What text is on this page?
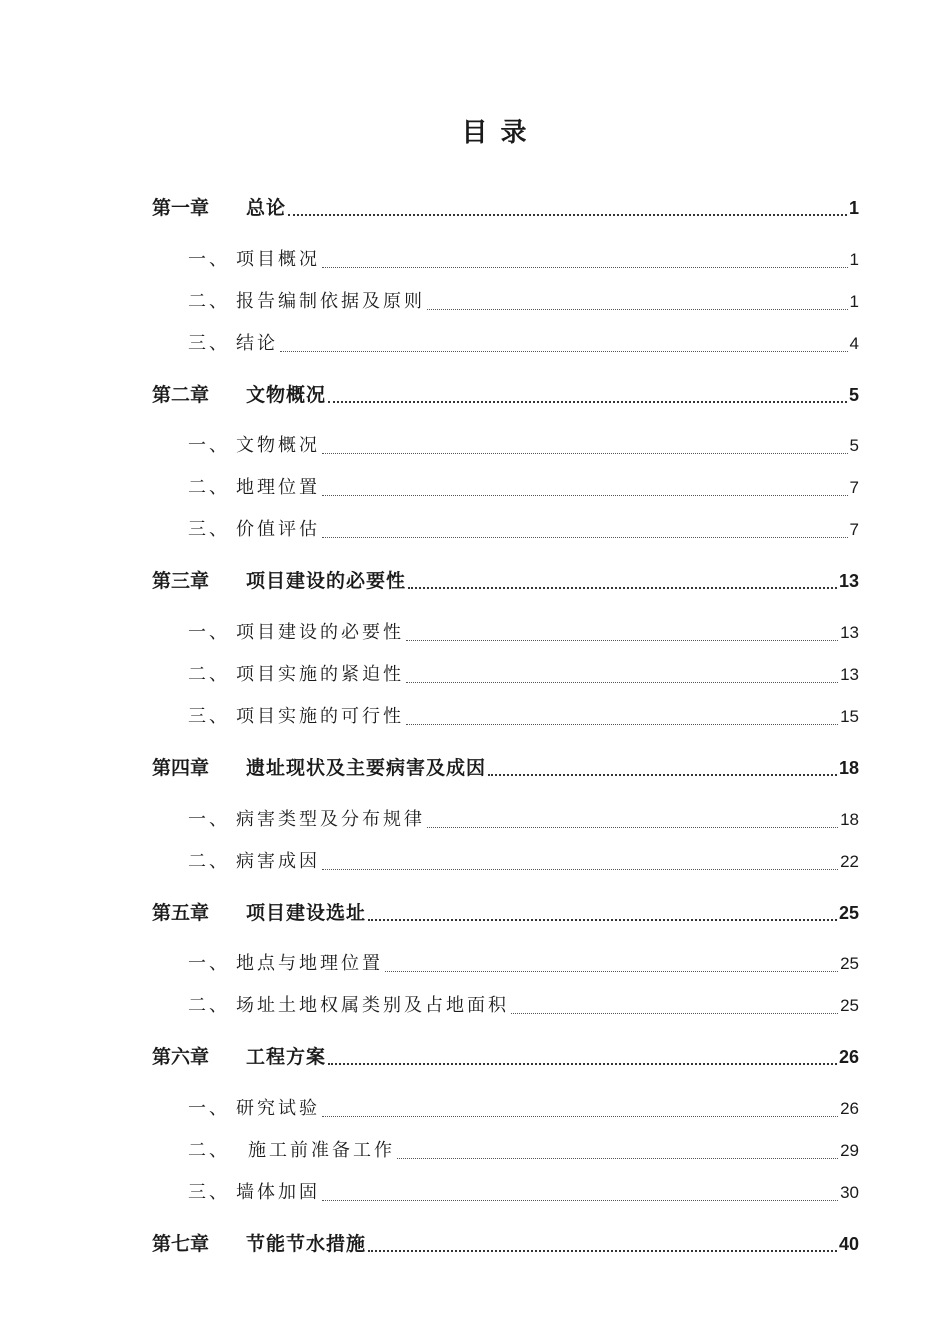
目 录
第一章	总论	1
一、 项目概况	1
二、 报告编制依据及原则	1
三、 结论	4
第二章	文物概况	5
一、 文物概况	5
二、 地理位置	7
三、 价值评估	7
第三章	项目建设的必要性	13
一、 项目建设的必要性	13
二、 项目实施的紧迫性	13
三、 项目实施的可行性	15
第四章	遗址现状及主要病害及成因	18
一、 病害类型及分布规律	18
二、 病害成因	22
第五章	项目建设选址	25
一、 地点与地理位置	25
二、 场址土地权属类别及占地面积	25
第六章	工程方案	26
一、 研究试验	26
二、	施工前准备工作	29
三、 墙体加固	30
第七章	节能节水措施	40
